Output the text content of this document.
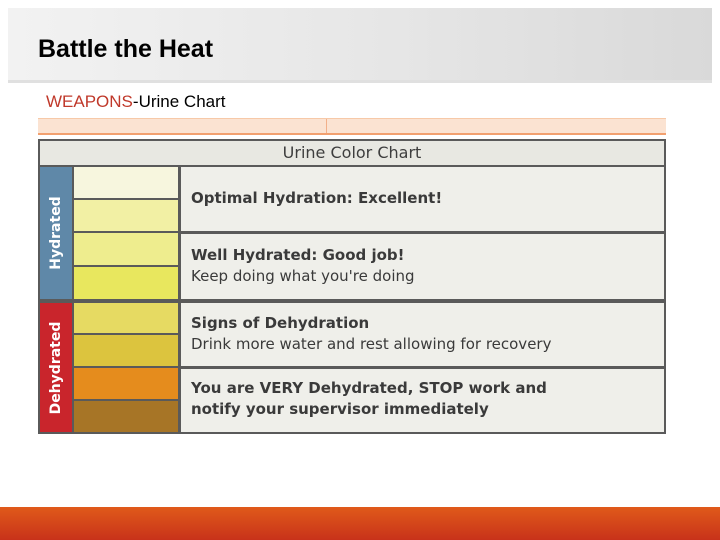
Battle the Heat
WEAPONS-Urine Chart
Urine Color Chart
Hydrated
Dehydrated
Optimal Hydration: Excellent!
Well Hydrated: Good job!
Keep doing what you're doing
Signs of Dehydration
Drink more water and rest allowing for recovery
You are VERY Dehydrated, STOP work and
notify your supervisor immediately
